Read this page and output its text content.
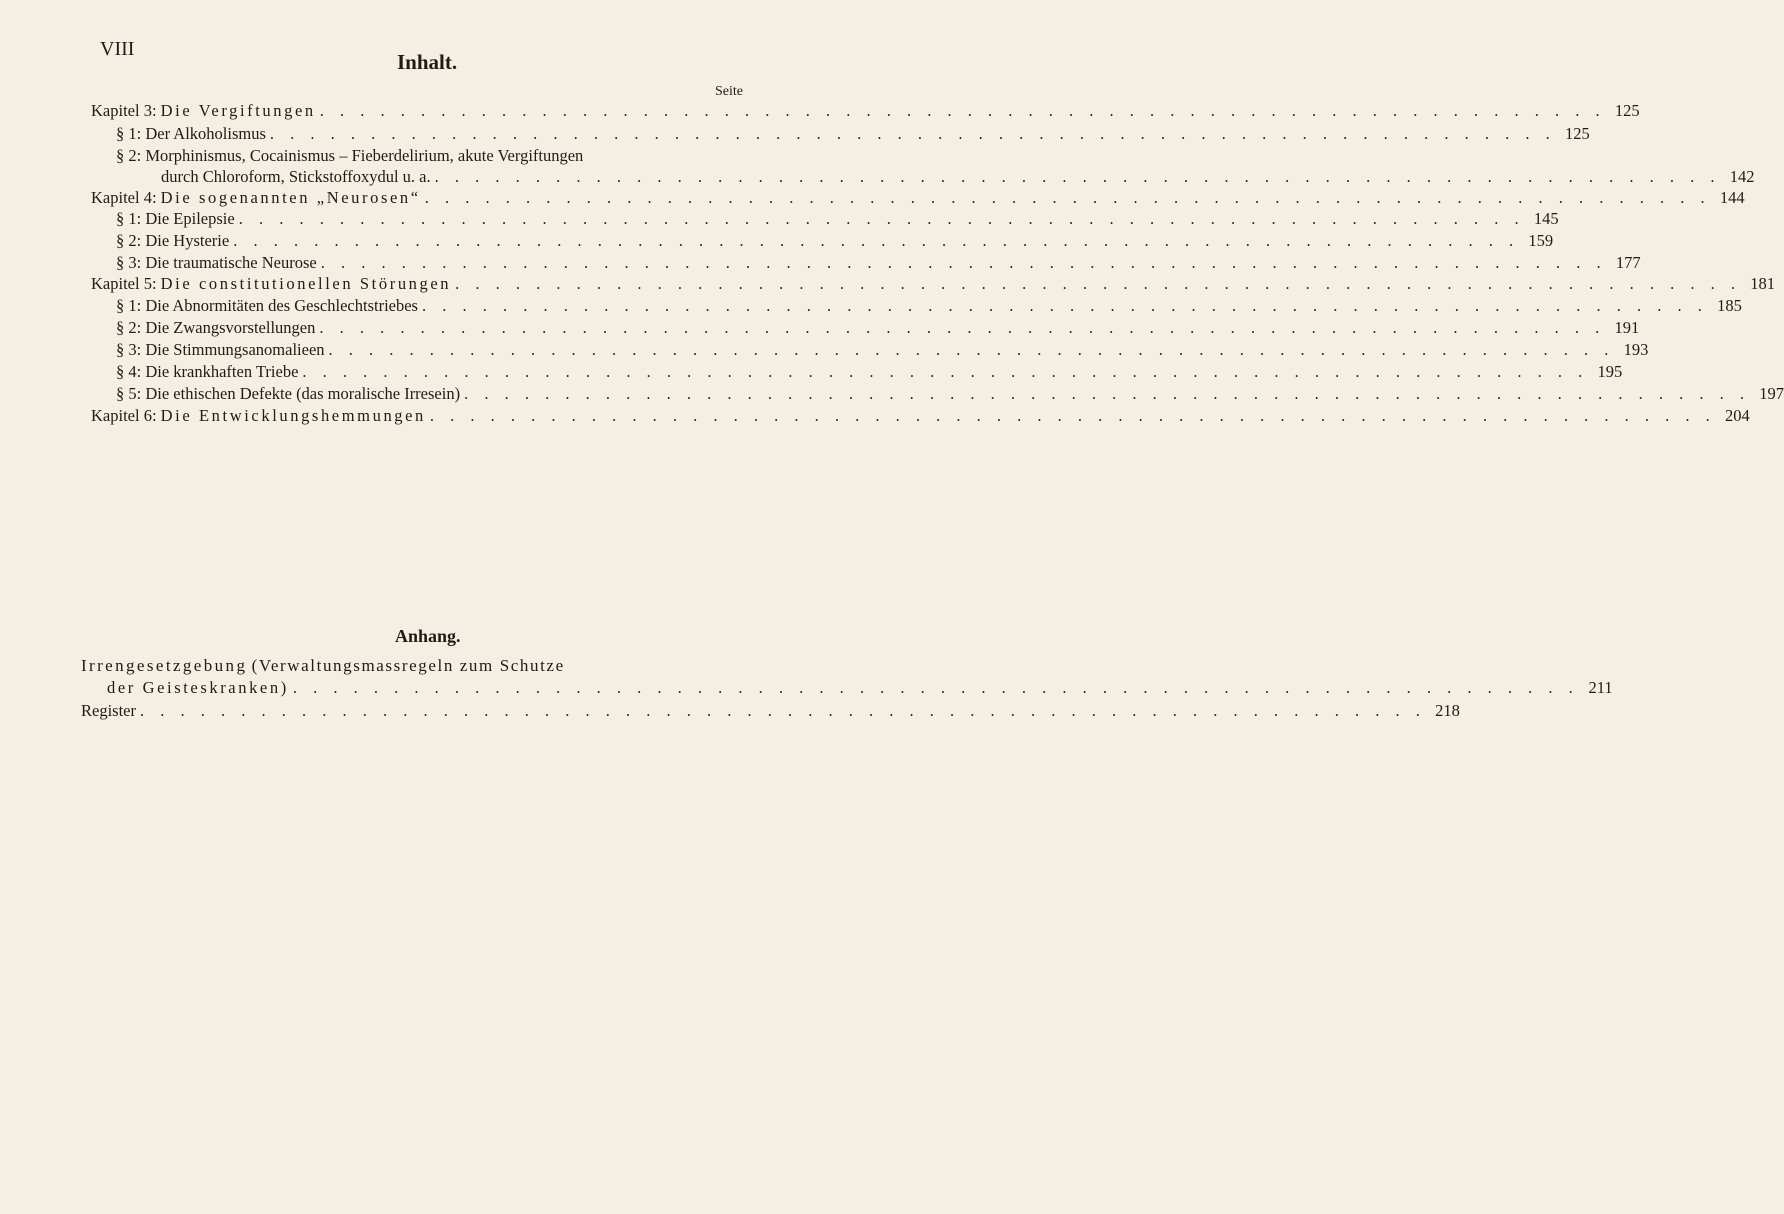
VIII
Inhalt.
Seite
Kapitel 3:
Die Vergiftungen . . . . . . . . . . . . . . . . . . . . . . . . . . . . . . . . . . . . . . . . . . . . . . . . . . . . . . . . . . . . . . . . 125
§ 1:
Der Alkoholismus . . . . . . . . . . . . . . . . . . . . . . . . . . . . . . . . . . . . . . . . . . . . . . . . . . . . . . . . . . . . . . . . 125
§ 2: Morphinismus, Cocainismus – Fieberdelirium, akute Vergiftungen
durch Chloroform, Stickstoffoxydul u. a. . . . . . . . . . . . . . . . . . . . . . . . . . . . . . . . . . . . . . . . . . . . . . . . . . . . . . . . . . . . . . . . . 142
Kapitel 4:
Die sogenannten „Neurosen“ . . . . . . . . . . . . . . . . . . . . . . . . . . . . . . . . . . . . . . . . . . . . . . . . . . . . . . . . . . . . . . . . 144
§ 1:
Die Epilepsie . . . . . . . . . . . . . . . . . . . . . . . . . . . . . . . . . . . . . . . . . . . . . . . . . . . . . . . . . . . . . . . . 145
§ 2:
Die Hysterie . . . . . . . . . . . . . . . . . . . . . . . . . . . . . . . . . . . . . . . . . . . . . . . . . . . . . . . . . . . . . . . . 159
§ 3:
Die traumatische Neurose . . . . . . . . . . . . . . . . . . . . . . . . . . . . . . . . . . . . . . . . . . . . . . . . . . . . . . . . . . . . . . . . 177
Kapitel 5:
Die constitutionellen Störungen . . . . . . . . . . . . . . . . . . . . . . . . . . . . . . . . . . . . . . . . . . . . . . . . . . . . . . . . . . . . . . . . 181
§ 1:
Die Abnormitäten des Geschlechtstriebes . . . . . . . . . . . . . . . . . . . . . . . . . . . . . . . . . . . . . . . . . . . . . . . . . . . . . . . . . . . . . . . . 185
§ 2:
Die Zwangsvorstellungen . . . . . . . . . . . . . . . . . . . . . . . . . . . . . . . . . . . . . . . . . . . . . . . . . . . . . . . . . . . . . . . . 191
§ 3:
Die Stimmungsanomalieen . . . . . . . . . . . . . . . . . . . . . . . . . . . . . . . . . . . . . . . . . . . . . . . . . . . . . . . . . . . . . . . . 193
§ 4:
Die krankhaften Triebe . . . . . . . . . . . . . . . . . . . . . . . . . . . . . . . . . . . . . . . . . . . . . . . . . . . . . . . . . . . . . . . . 195
§ 5:
Die ethischen Defekte (das moralische Irresein) . . . . . . . . . . . . . . . . . . . . . . . . . . . . . . . . . . . . . . . . . . . . . . . . . . . . . . . . . . . . . . . . 197
Kapitel 6:
Die Entwicklungshemmungen . . . . . . . . . . . . . . . . . . . . . . . . . . . . . . . . . . . . . . . . . . . . . . . . . . . . . . . . . . . . . . . . 204
Anhang.
Irrengesetzgebung (Verwaltungsmassregeln zum Schutze
der Geisteskranken) . . . . . . . . . . . . . . . . . . . . . . . . . . . . . . . . . . . . . . . . . . . . . . . . . . . . . . . . . . . . . . . . 211
Register . . . . . . . . . . . . . . . . . . . . . . . . . . . . . . . . . . . . . . . . . . . . . . . . . . . . . . . . . . . . . . . . 218
